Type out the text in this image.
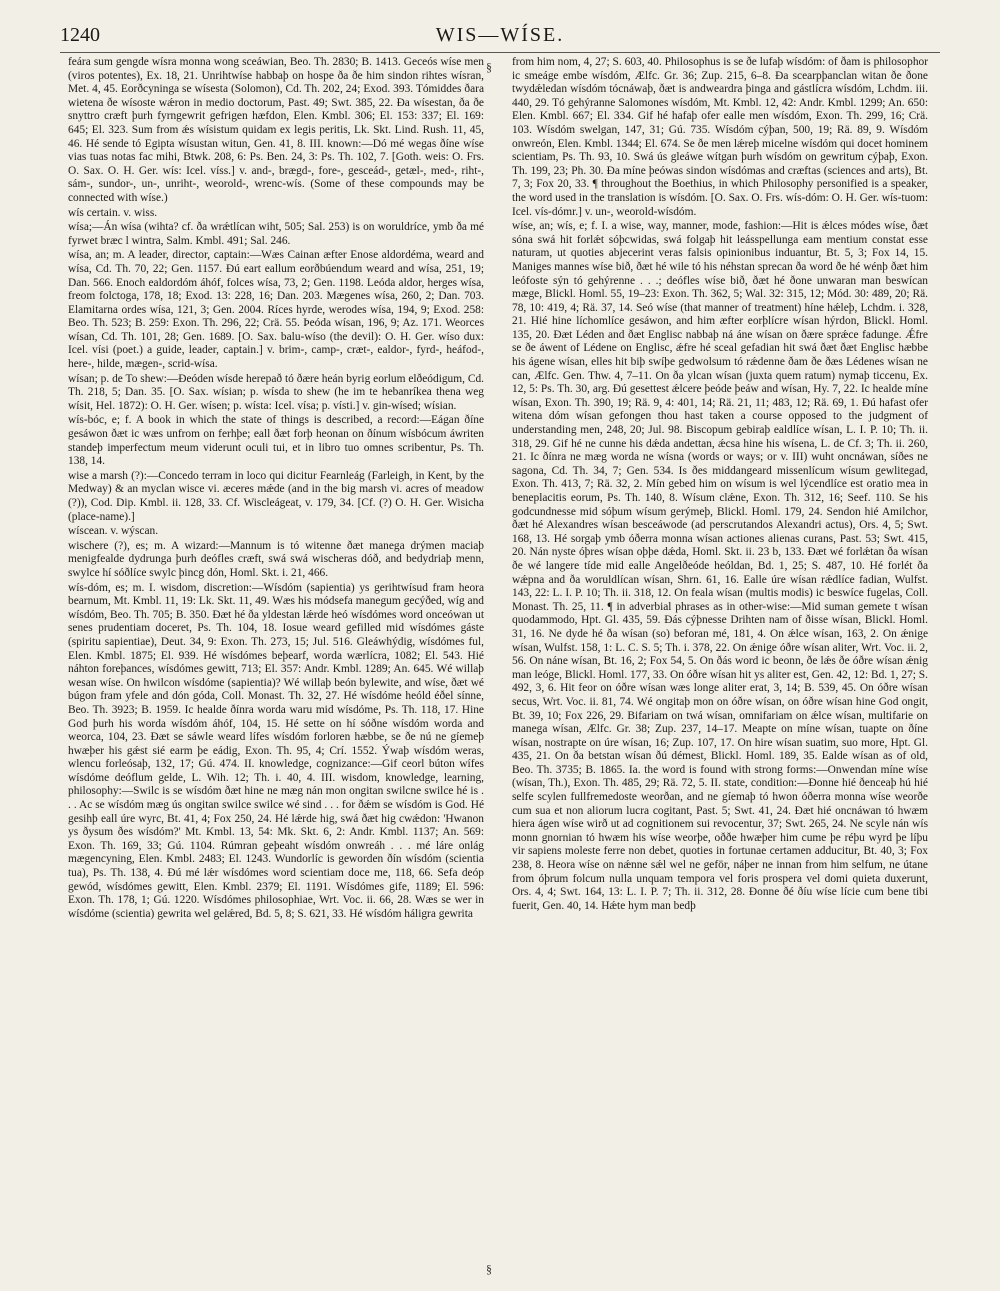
1240	WIS—WÍSE.
§
§

feára sum gengde wísra monna wong sceáwian, Beo. Th. 2830; B. 1413. Geceós wíse men (viros potentes), Ex. 18, 21. Unrihtwíse habbaþ on hospe ða ðe him sindon rihtes wísran, Met. 4, 45. Eorðcyninga se wísesta (Solomon), Cd. Th. 202, 24; Exod. 393. Tómiddes ðara wietena ðe wísoste wǽron in medio doctorum, Past. 49; Swt. 385, 22. Ða wísestan, ða ðe snyttro cræft þurh fyrngewrit gefrigen hæfdon, Elen. Kmbl. 306; El. 153: 337; El. 169: 645; El. 323. Sum from ǽs wísistum quidam ex legis peritis, Lk. Skt. Lind. Rush. 11, 45, 46. Hé sende tó Egipta wísustan witun, Gen. 41, 8. III. known:—Dó mé wegas ðíne wíse vias tuas notas fac mihi, Btwk. 208, 6: Ps. Ben. 24, 3: Ps. Th. 102, 7. [Goth. weis: O. Frs. O. Sax. O. H. Ger. wís: Icel. víss.] v. and-, brægd-, fore-, gesceád-, getæl-, med-, riht-, sám-, sundor-, un-, unriht-, weorold-, wrenc-wís. (Some of these compounds may be connected with wíse.)

wís certain. v. wiss.

wísa;—Án wísa (wihta? cf. ða wrǽtlícan wiht, 505; Sal. 253) is on woruldríce, ymb ða mé fyrwet bræc l wintra, Salm. Kmbl. 491; Sal. 246.

wísa, an; m. A leader, director, captain:—Wæs Cainan æfter Enose aldordéma, weard and wísa, Cd. Th. 70, 22; Gen. 1157. Ðú eart eallum eorðbúendum weard and wísa, 251, 19; Dan. 566. Enoch ealdordóm áhóf, folces wísa, 73, 2; Gen. 1198. Leóda aldor, herges wísa, freom folctoga, 178, 18; Exod. 13: 228, 16; Dan. 203. Mægenes wísa, 260, 2; Dan. 703. Elamitarna ordes wísa, 121, 3; Gen. 2004. Ríces hyrde, werodes wísa, 194, 9; Exod. 258: Beo. Th. 523; B. 259: Exon. Th. 296, 22; Crä. 55. Þeóda wísan, 196, 9; Az. 171. Weorces wísan, Cd. Th. 101, 28; Gen. 1689. [O. Sax. balu-wíso (the devil): O. H. Ger. wíso dux: Icel. vísi (poet.) a guide, leader, captain.] v. brim-, camp-, cræt-, ealdor-, fyrd-, heáfod-, here-, hilde, mægen-, scrid-wísa.

wísan; p. de To shew:—Ðeóden wísde herepað tó ðære heán byrig eorlum elðeódigum, Cd. Th. 218, 5; Dan. 35. [O. Sax. wísian; p. wísda to shew (he im te hebanríkea thena weg wísit, Hel. 1872): O. H. Ger. wísen; p. wísta: Icel. vísa; p. vísti.] v. gin-wísed; wísian.

wís-bóc, e; f. A book in which the state of things is described, a record:—Eágan ðíne gesáwon ðæt ic wæs unfrom on ferhþe; eall ðæt forþ heonan on ðínum wísbócum áwriten standeþ imperfectum meum viderunt oculi tui, et in libro tuo omnes scribentur, Ps. Th. 138, 14.

wise a marsh (?):—Concedo terram in loco qui dicitur Fearnleág (Farleigh, in Kent, by the Medway) & an myclan wisce vi. æceres mǽde (and in the big marsh vi. acres of meadow (?)), Cod. Dip. Kmbl. ii. 128, 33. Cf. Wiscleágeat, v. 179, 34. [Cf. (?) O. H. Ger. Wisicha (place-name).]

wíscean. v. wýscan.

wischere (?), es; m. A wizard:—Mannum is tó witenne ðæt manega drýmen maciaþ menigfealde dydrunga þurh deófles cræft, swá swá wischeras dóð, and bedydriaþ menn, swylce hí sóðlíce swylc þincg dón, Homl. Skt. i. 21, 466.

wís-dóm, es; m. I. wisdom, discretion:—Wísdóm (sapientia) ys gerihtwísud fram heora bearnum, Mt. Kmbl. 11, 19: Lk. Skt. 11, 49. Wæs his módsefa manegum gecýðed, wíg and wísdóm, Beo. Th. 705; B. 350. Ðæt hé ða yldestan lǽrde heó wísdómes word onceówan ut senes prudentiam doceret, Ps. Th. 104, 18. Iosue weard gefilled mid wísdómes gáste (spiritu sapientiae), Deut. 34, 9: Exon. Th. 273, 15; Jul. 516. Gleáwhýdig, wísdómes ful, Elen. Kmbl. 1875; El. 939. Hé wísdómes beþearf, worda wærlícra, 1082; El. 543. Hié náhton foreþances, wísdómes gewitt, 713; El. 357: Andr. Kmbl. 1289; An. 645. Wé willaþ wesan wíse. On hwilcon wísdóme (sapientia)? Wé willaþ beón bylewite, and wíse, ðæt wé búgon fram yfele and dón góda, Coll. Monast. Th. 32, 27. Hé wísdóme heóld éðel sínne, Beo. Th. 3923; B. 1959. Ic healde ðínra worda waru mid wísdóme, Ps. Th. 118, 17. Hine God þurh his worda wísdóm áhóf, 104, 15. Hé sette on hí sóðne wísdóm worda and weorca, 104, 23. Ðæt se sáwle weard lífes wísdóm forloren hæbbe, se ðe nú ne gíemeþ hwæþer his gǽst sié earm þe eádig, Exon. Th. 95, 4; Crí. 1552. Ýwaþ wísdóm weras, wlencu forleósaþ, 132, 17; Gú. 474. II. knowledge, cognizance:—Gif ceorl búton wífes wísdóme deóflum gelde, L. Wih. 12; Th. i. 40, 4. III. wisdom, knowledge, learning, philosophy:—Swilc is se wísdóm ðæt hine ne mæg nán mon ongitan swilcne swilce hé is . . . Ac se wísdóm mæg ús ongitan swilce swilce wé sind . . . for ðǽm se wísdóm is God. Hé gesihþ eall úre wyrc, Bt. 41, 4; Fox 250, 24. Hé lǽrde hig, swá ðæt hig cwǽdon: 'Hwanon ys ðysum ðes wísdóm?' Mt. Kmbl. 13, 54: Mk. Skt. 6, 2: Andr. Kmbl. 1137; An. 569: Exon. Th. 169, 33; Gú. 1104. Rúmran geþeaht wísdóm onwreáh . . . mé láre onlág mægencyning, Elen. Kmbl. 2483; El. 1243. Wundorlíc is geworden ðín wísdóm (scientia tua), Ps. Th. 138, 4. Ðú mé lǽr wísdómes word scientiam doce me, 118, 66. Sefa deóp gewód, wísdómes gewitt, Elen. Kmbl. 2379; El. 1191. Wísdómes gife, 1189; El. 596: Exon. Th. 178, 1; Gú. 1220. Wísdómes philosophiae, Wrt. Voc. ii. 66, 28. Wæs se wer in wísdóme (scientia) gewrita wel gelǽred, Bd. 5, 8; S. 621, 33. Hé wísdóm háligra gewrita

from him nom, 4, 27; S. 603, 40. Philosophus is se ðe lufaþ wísdóm: of ðam is philosophor ic smeáge embe wísdóm, Ælfc. Gr. 36; Zup. 215, 6–8. Ða scearpþanclan witan ðe ðone twydǽledan wísdóm tócnáwaþ, ðæt is andweardra þinga and gástlícra wísdóm, Lchdm. iii. 440, 29. Tó gehýranne Salomones wísdóm, Mt. Kmbl. 12, 42: Andr. Kmbl. 1299; An. 650: Elen. Kmbl. 667; El. 334. Gif hé hafaþ ofer ealle men wísdóm, Exon. Th. 299, 16; Crä. 103. Wísdóm swelgan, 147, 31; Gú. 735. Wísdóm cýþan, 500, 19; Rä. 89, 9. Wísdóm onwreón, Elen. Kmbl. 1344; El. 674. Se ðe men lǽreþ micelne wísdóm qui docet hominem scientiam, Ps. Th. 93, 10. Swá ús gleáwe wítgan þurh wísdóm on gewritum cýþaþ, Exon. Th. 199, 23; Ph. 30. Ða míne þeówas sindon wísdómas and cræftas (sciences and arts), Bt. 7, 3; Fox 20, 33. ¶ throughout the Boethius, in which Philosophy personified is a speaker, the word used in the translation is wísdóm. [O. Sax. O. Frs. wís-dóm: O. H. Ger. wís-tuom: Icel. vís-dómr.] v. un-, weorold-wísdóm.

wíse, an; wís, e; f. I. a wise, way, manner, mode, fashion:—Hit is ǽlces módes wíse, ðæt sóna swá hit forlǽt sóþcwidas, swá folgaþ hit leásspellunga eam mentium constat esse naturam, ut quoties abjecerint veras falsis opinionibus induantur, Bt. 5, 3; Fox 14, 15. Maniges mannes wíse bið, ðæt hé wile tó his néhstan sprecan ða word ðe hé wénþ ðæt him leófoste sýn tó gehýrenne . . .; deófles wíse bið, ðæt hé ðone unwaran man beswícan mæge, Blickl. Homl. 55, 19–23: Exon. Th. 362, 5; Wal. 32: 315, 12; Mód. 30: 489, 20; Rä. 78, 10: 419, 4; Rä. 37, 14. Seó wíse (that manner of treatment) híne hǽleþ, Lchdm. i. 328, 21. Hié hine líchomlíce gesáwon, and him æfter eorþlícre wísan hýrdon, Blickl. Homl. 135, 20. Ðæt Léden and ðæt Englisc nabbaþ ná áne wísan on ðære sprǽce fadunge. Ǽfre se ðe áwent of Lédene on Englisc, ǽfre hé sceal gefadian hit swá ðæt ðæt Englisc hæbbe his ágene wísan, elles hit biþ swíþe gedwolsum tó rǽdenne ðam ðe ðæs Lédenes wísan ne can, Ælfc. Gen. Thw. 4, 7–11. On ða ylcan wísan (juxta quem ratum) nymaþ ticcenu, Ex. 12, 5: Ps. Th. 30, arg. Ðú gesettest ǽlcere þeóde þeáw and wísan, Hy. 7, 22. Ic healde míne wísan, Exon. Th. 390, 19; Rä. 9, 4: 401, 14; Rä. 21, 11; 483, 12; Rä. 69, 1. Ðú hafast ofer witena dóm wísan gefongen thou hast taken a course opposed to the judgment of understanding men, 248, 20; Jul. 98. Biscopum gebiraþ ealdlíce wísan, L. I. P. 10; Th. ii. 318, 29. Gif hé ne cunne his dǽda andettan, ǽcsa hine his wísena, L. de Cf. 3; Th. ii. 260, 21. Ic ðínra ne mæg worda ne wísna (words or ways; or v. III) wuht oncnáwan, síðes ne sagona, Cd. Th. 34, 7; Gen. 534. Is ðes middangeard missenlícum wísum gewlitegad, Exon. Th. 413, 7; Rä. 32, 2. Mín gebed him on wísum is wel lýcendlíce est oratio mea in beneplacitis eorum, Ps. Th. 140, 8. Wísum clǽne, Exon. Th. 312, 16; Seef. 110. Se his godcundnesse mid sóþum wísum gerýmeþ, Blickl. Homl. 179, 24. Sendon hié Amilchor, ðæt hé Alexandres wísan besceáwode (ad perscrutandos Alexandri actus), Ors. 4, 5; Swt. 168, 13. Hé sorgaþ ymb óðerra monna wísan actiones alienas curans, Past. 53; Swt. 415, 20. Nán nyste óþres wísan oþþe dǽda, Homl. Skt. ii. 23 b, 133. Ðæt wé forlǽtan ða wísan ðe wé langere tíde mid ealle Angelðeóde heóldan, Bd. 1, 25; S. 487, 10. Hé forlét ða wǽpna and ða woruldlícan wísan, Shrn. 61, 16. Ealle úre wísan rǽdlíce fadian, Wulfst. 143, 22: L. I. P. 10; Th. ii. 318, 12. On feala wísan (multis modis) ic beswíce fugelas, Coll. Monast. Th. 25, 11. ¶ in adverbial phrases as in other-wise:—Mid suman gemete t wísan quodammodo, Hpt. Gl. 435, 59. Ðás cýþnesse Drihten nam of ðisse wísan, Blickl. Homl. 31, 16. Ne dyde hé ða wísan (so) beforan mé, 181, 4. On ǽlce wísan, 163, 2. On ǽnige wísan, Wulfst. 158, 1: L. C. S. 5; Th. i. 378, 22. On ǽnige óðre wísan aliter, Wrt. Voc. ii. 2, 56. On náne wísan, Bt. 16, 2; Fox 54, 5. On ðás word ic beonn, ðe lǽs ðe óðre wísan ǽnig man leóge, Blickl. Homl. 177, 33. On óðre wísan hit ys aliter est, Gen. 42, 12: Bd. 1, 27; S. 492, 3, 6. Hit feor on óðre wísan wæs longe aliter erat, 3, 14; B. 539, 45. On óðre wísan secus, Wrt. Voc. ii. 81, 74. Wé ongitaþ mon on óðre wísan, on óðre wísan hine God ongit, Bt. 39, 10; Fox 226, 29. Bifariam on twá wísan, omnifariam on ǽlce wísan, multifarie on manega wísan, Ælfc. Gr. 38; Zup. 237, 14–17. Meapte on míne wísan, tuapte on ðíne wísan, nostrapte on úre wísan, 16; Zup. 107, 17. On hire wísan suatim, suo more, Hpt. Gl. 435, 21. On ða betstan wísan ðú démest, Blickl. Homl. 189, 35. Ealde wísan as of old, Beo. Th. 3735; B. 1865. Ia. the word is found with strong forms:—Onwendan míne wíse (wísan, Th.), Exon. Th. 485, 29; Rä. 72, 5. II. state, condition:—Ðonne hié ðenceaþ hú hié selfe scylen fullfremedoste weorðan, and ne gíemaþ tó hwon óðerra monna wíse weorðe cum sua et non aliorum lucra cogitant, Past. 5; Swt. 41, 24. Ðæt hié oncnáwan tó hwæm hiera ágen wíse wirð ut ad cognitionem sui revocentur, 37; Swt. 265, 24. Ne scyle nán wís monn gnornian tó hwæm his wíse weorþe, oððe hwæþer him cume þe réþu wyrd þe líþu vir sapiens moleste ferre non debet, quoties in fortunae certamen adducitur, Bt. 40, 3; Fox 238, 8. Heora wíse on nǽnne sǽl wel ne geför, náþer ne innan from him selfum, ne útane from óþrum folcum nulla unquam tempora vel foris prospera vel domi quieta duxerunt, Ors. 4, 4; Swt. 164, 13: L. I. P. 7; Th. ii. 312, 28. Ðonne ðé ðíu wíse lície cum bene tibi fuerit, Gen. 40, 14. Hǽte hym man bedþ
